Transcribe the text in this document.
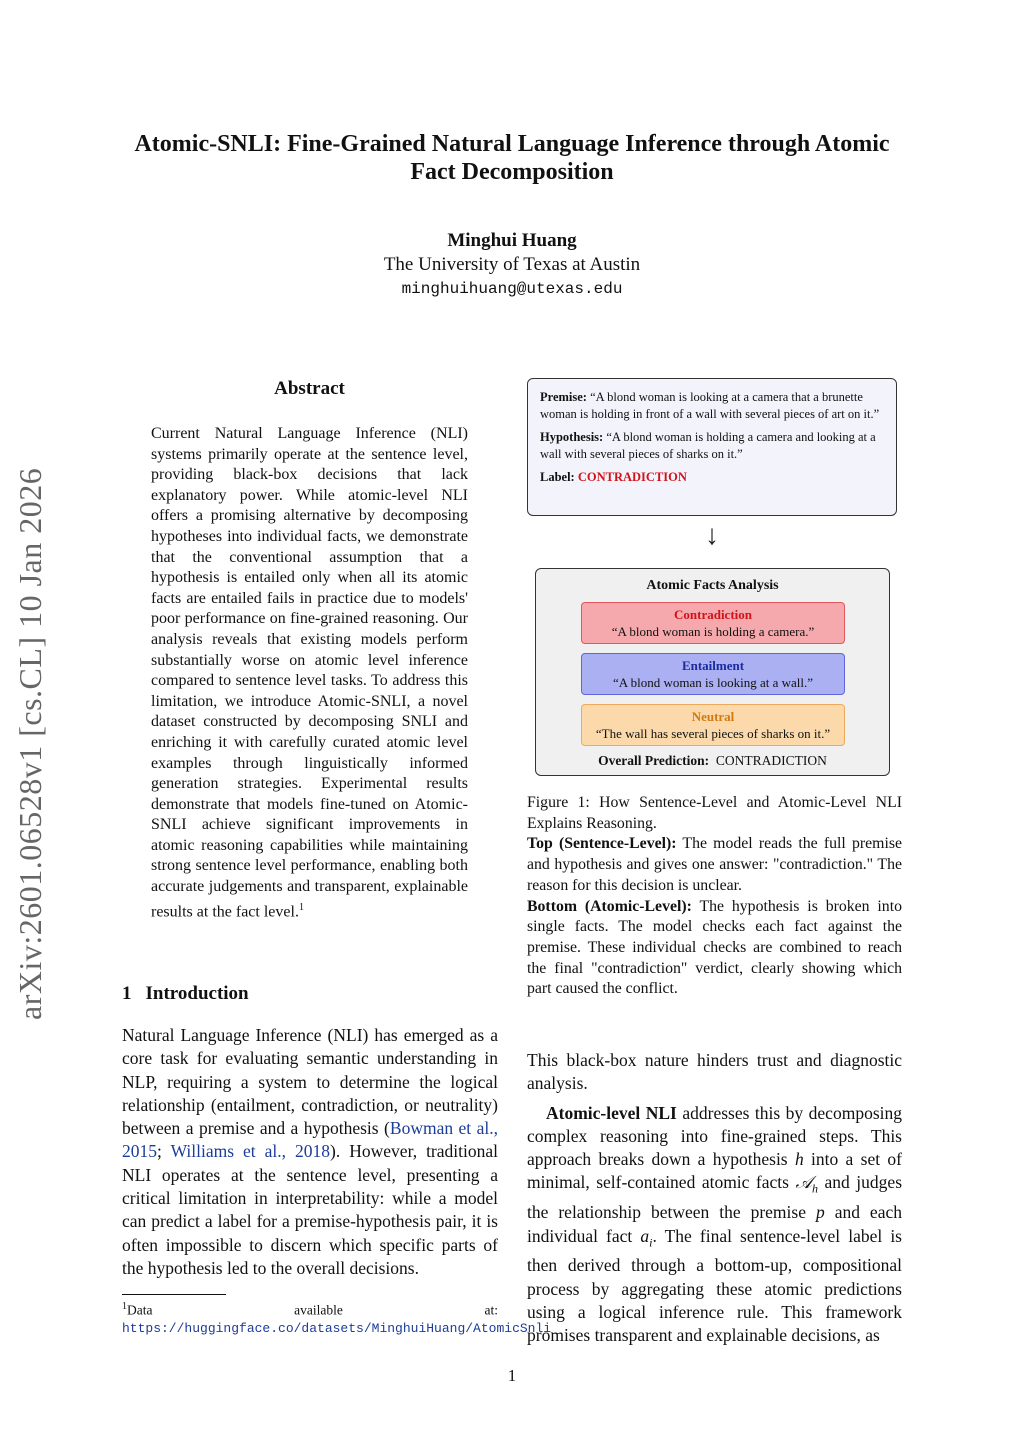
Atomic-SNLI: Fine-Grained Natural Language Inference through Atomic Fact Decomposition
Minghui Huang
The University of Texas at Austin
minghuihuang@utexas.edu
arXiv:2601.06528v1 [cs.CL] 10 Jan 2026
Abstract
Current Natural Language Inference (NLI) systems primarily operate at the sentence level, providing black-box decisions that lack explanatory power. While atomic-level NLI offers a promising alternative by decomposing hypotheses into individual facts, we demonstrate that the conventional assumption that a hypothesis is entailed only when all its atomic facts are entailed fails in practice due to models' poor performance on fine-grained reasoning. Our analysis reveals that existing models perform substantially worse on atomic level inference compared to sentence level tasks. To address this limitation, we introduce Atomic-SNLI, a novel dataset constructed by decomposing SNLI and enriching it with carefully curated atomic level examples through linguistically informed generation strategies. Experimental results demonstrate that models fine-tuned on Atomic-SNLI achieve significant improvements in atomic reasoning capabilities while maintaining strong sentence level performance, enabling both accurate judgements and transparent, explainable results at the fact level.$^1$
1 Introduction
Natural Language Inference (NLI) has emerged as a core task for evaluating semantic understanding in NLP, requiring a system to determine the logical relationship (entailment, contradiction, or neutrality) between a premise and a hypothesis (Bowman et al., 2015; Williams et al., 2018). However, traditional NLI operates at the sentence level, presenting a critical limitation in interpretability: while a model can predict a label for a premise-hypothesis pair, it is often impossible to discern which specific parts of the hypothesis led to the overall decisions.
$^1$Data available at: https://huggingface.co/datasets/MinghuiHuang/AtomicSnli

Premise: “A blond woman is looking at a camera that a brunette woman is holding in front of a wall with several pieces of art on it.”

Hypothesis: “A blond woman is holding a camera and looking at a wall with several pieces of sharks on it.”

Label: CONTRADICTION

↓
Atomic Facts Analysis
Contradiction
“A blond woman is holding a camera.”
Entailment
“A blond woman is looking at a wall.”
Neutral
“The wall has several pieces of sharks on it.”
Overall Prediction: CONTRADICTION

Figure 1: How Sentence-Level and Atomic-Level NLI Explains Reasoning.

Top (Sentence-Level): The model reads the full premise and hypothesis and gives one answer: "contradiction." The reason for this decision is unclear.

Bottom (Atomic-Level): The hypothesis is broken into single facts. The model checks each fact against the premise. These individual checks are combined to reach the final "contradiction" verdict, clearly showing which part caused the conflict.

This black-box nature hinders trust and diagnostic analysis.

Atomic-level NLI addresses this by decomposing complex reasoning into fine-grained steps. This approach breaks down a hypothesis h into a set of minimal, self-contained atomic facts 𝒜$_h$ and judges the relationship between the premise p and each individual fact $a_i$. The final sentence-level label is then derived through a bottom-up, compositional process by aggregating these atomic predictions using a logical inference rule. This framework promises transparent and explainable decisions, as

1
